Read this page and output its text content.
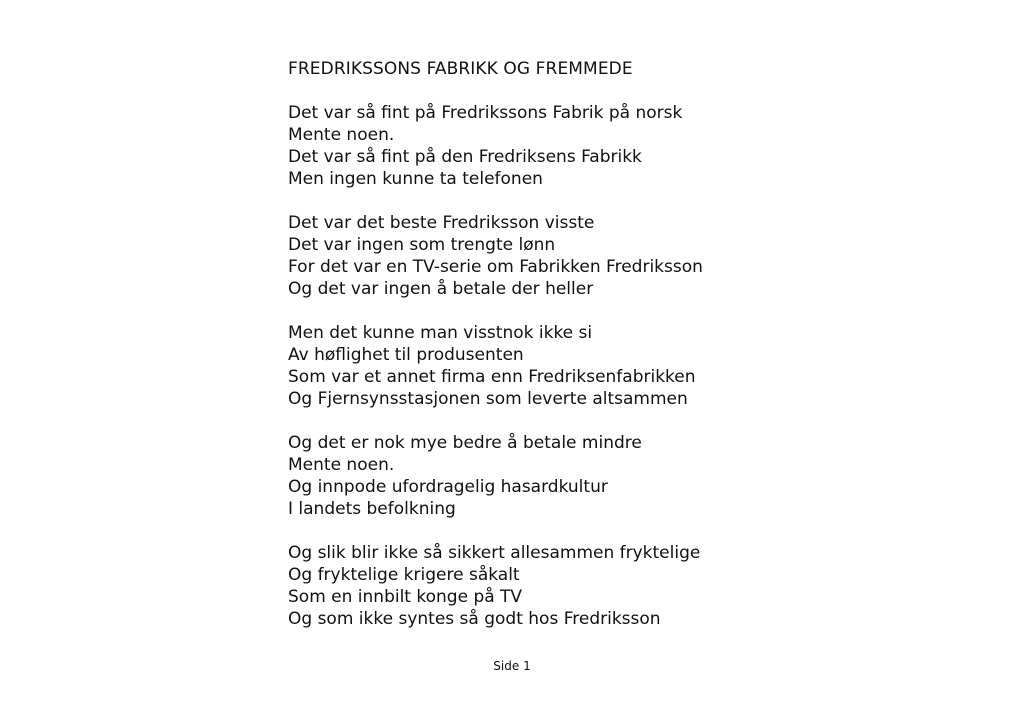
FREDRIKSSONS FABRIKK OG FREMMEDE
Det var så fint på Fredrikssons Fabrik på norsk
Mente noen.
Det var så fint på den Fredriksens Fabrikk
Men ingen kunne ta telefonen
Det var det beste Fredriksson visste
Det var ingen som trengte lønn
For det var en TV-serie om Fabrikken Fredriksson
Og det var ingen å betale der heller
Men det kunne man visstnok ikke si
Av høflighet til produsenten
Som var et annet firma enn Fredriksenfabrikken
Og Fjernsynsstasjonen som leverte altsammen
Og det er nok mye bedre å betale mindre
Mente noen.
Og innpode ufordragelig hasardkultur
I landets befolkning
Og slik blir ikke så sikkert allesammen fryktelige
Og fryktelige krigere såkalt
Som en innbilt konge på TV
Og som ikke syntes så godt hos Fredriksson
Side 1
